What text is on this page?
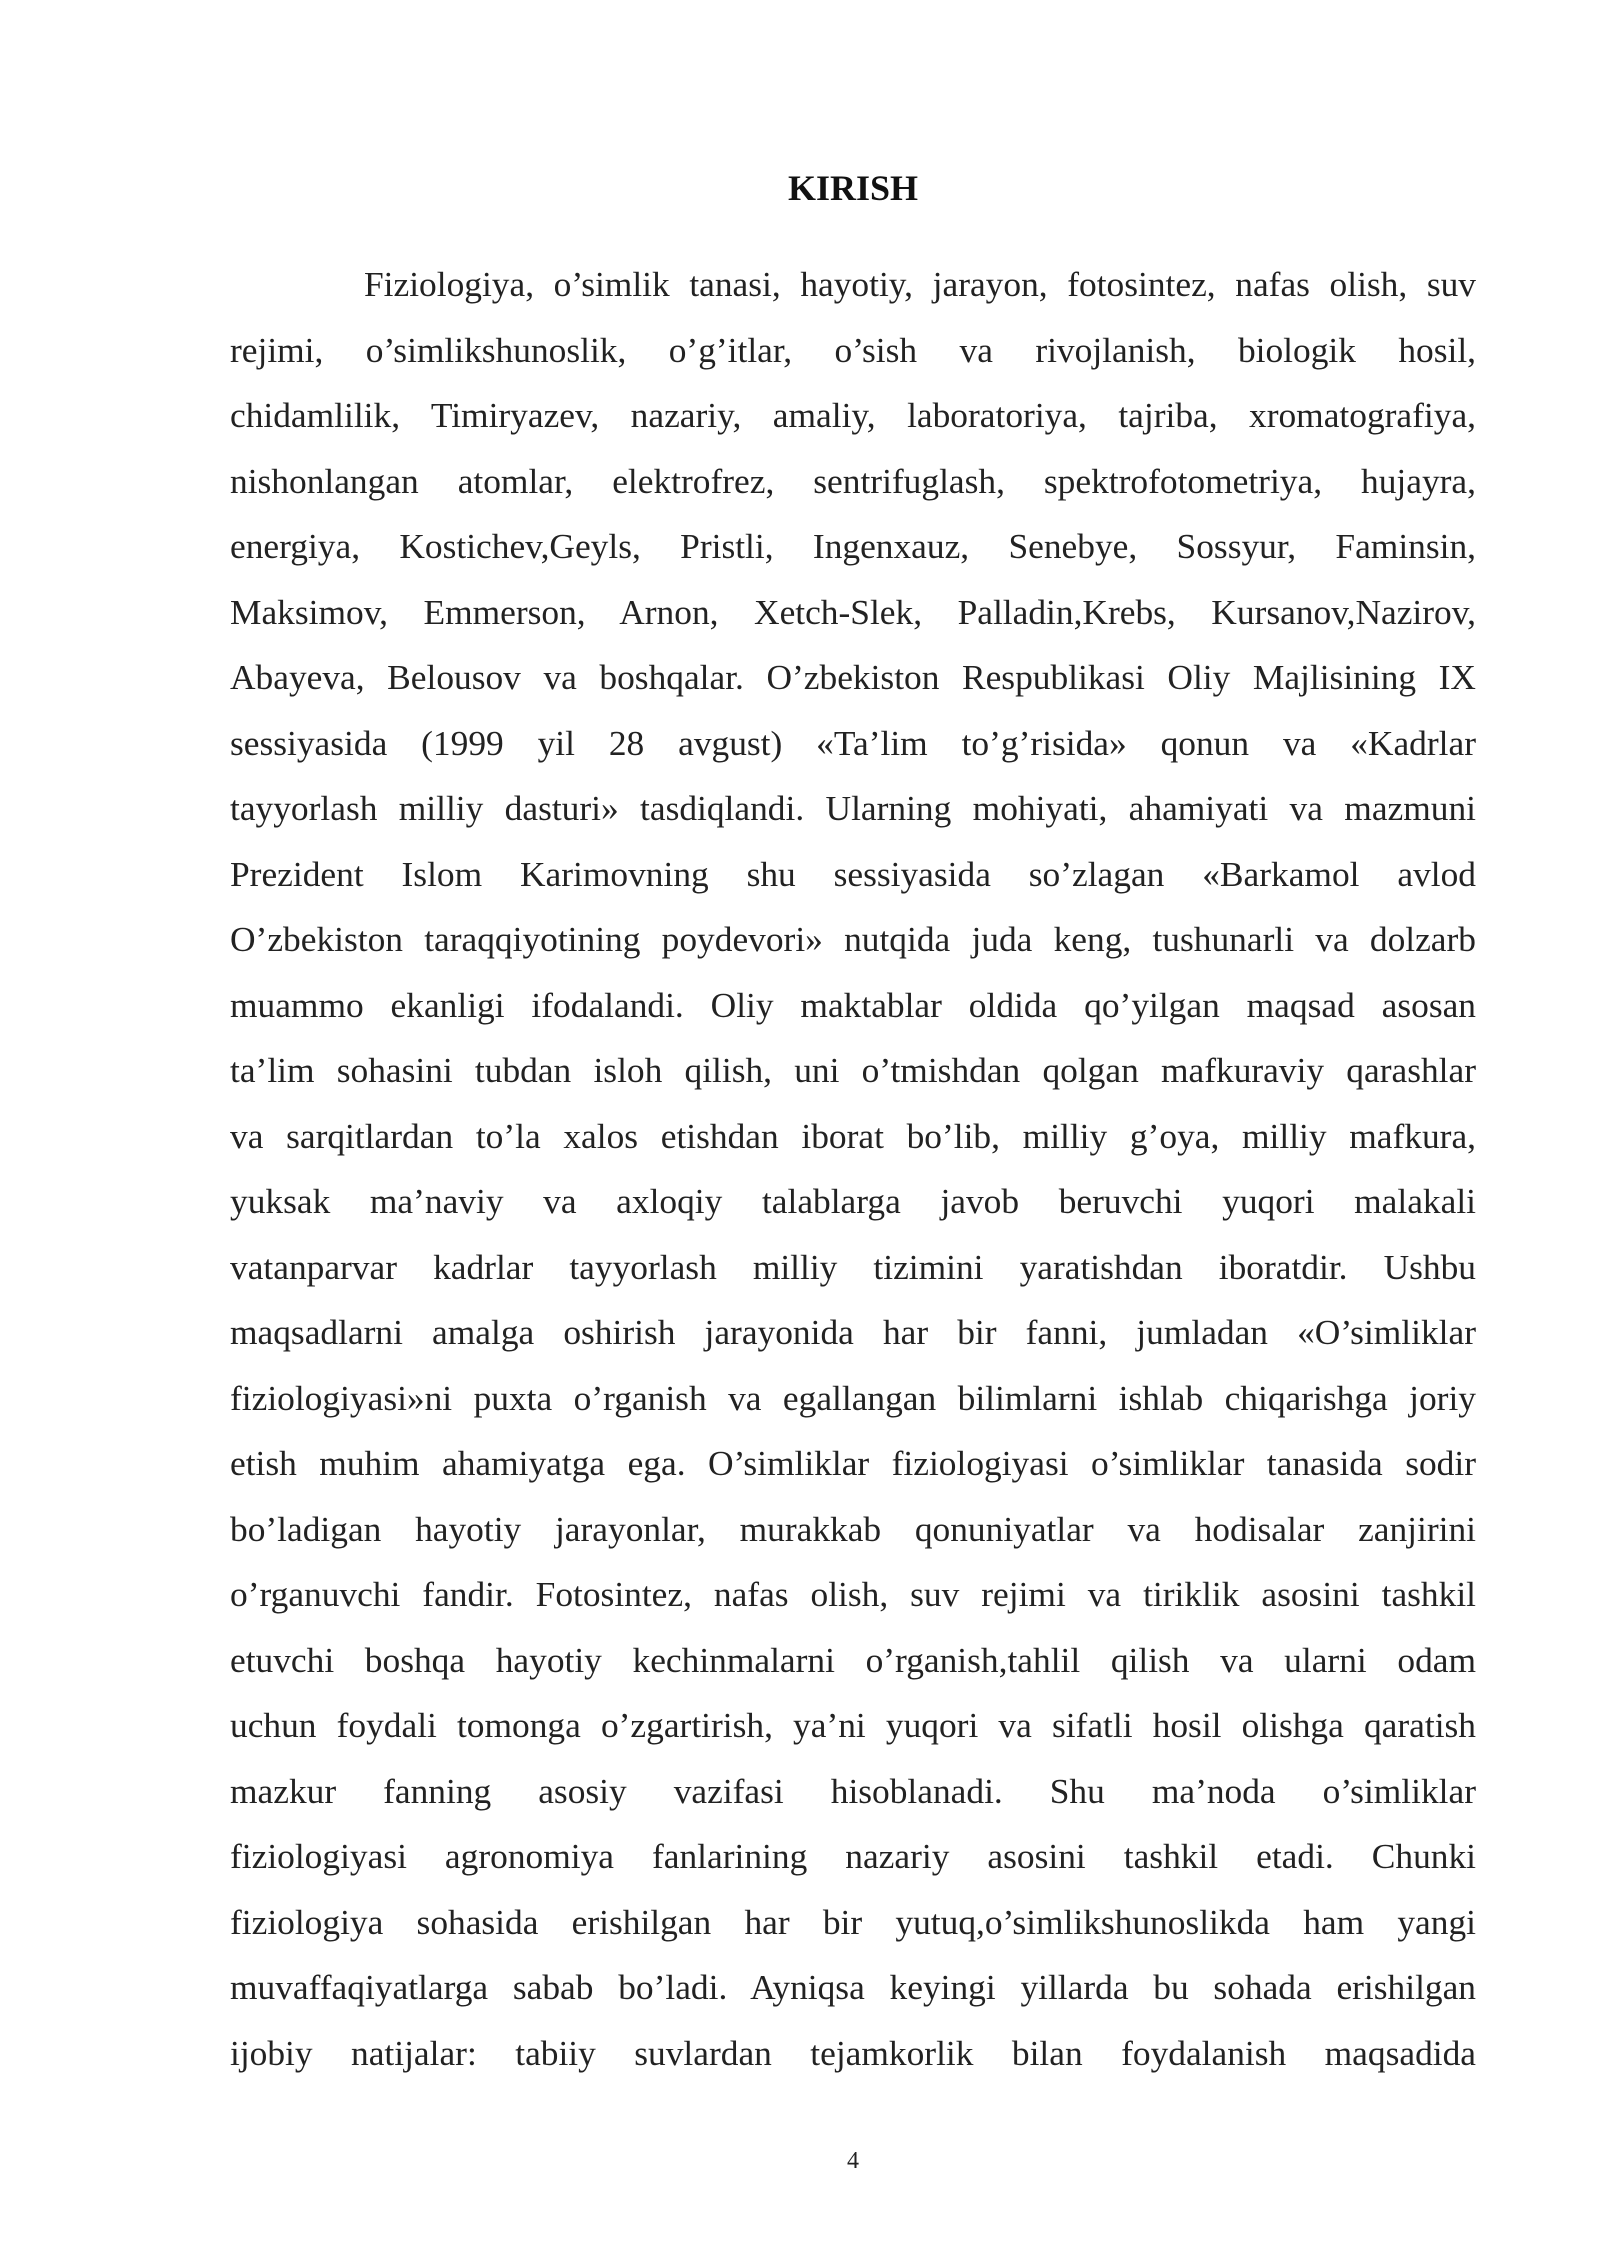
KIRISH
Fiziologiya, o’simlik tanasi, hayotiy, jarayon, fotosintez, nafas olish, suv
rejimi, o’simlikshunoslik, o’g’itlar, o’sish va rivojlanish, biologik hosil,
chidamlilik, Timiryazev, nazariy, amaliy, laboratoriya, tajriba, xromatografiya,
nishonlangan atomlar, elektrofrez, sentrifuglash, spektrofotometriya, hujayra,
energiya, Kostichev,Geyls, Pristli, Ingenxauz, Senebye, Sossyur, Faminsin,
Maksimov, Emmerson, Arnon, Xetch-Slek, Palladin,Krebs, Kursanov,Nazirov,
Abayeva, Belousov va boshqalar. O’zbekiston Respublikasi Oliy Majlisining IX
sessiyasida (1999 yil 28 avgust) «Ta’lim to’g’risida» qonun va «Kadrlar
tayyorlash milliy dasturi» tasdiqlandi. Ularning mohiyati, ahamiyati va mazmuni
Prezident Islom Karimovning shu sessiyasida so’zlagan «Barkamol avlod
O’zbekiston taraqqiyotining poydevori» nutqida juda keng, tushunarli va dolzarb
muammo ekanligi ifodalandi. Oliy maktablar oldida qo’yilgan maqsad asosan
ta’lim sohasini tubdan isloh qilish, uni o’tmishdan qolgan mafkuraviy qarashlar
va sarqitlardan to’la xalos etishdan iborat bo’lib, milliy g’oya, milliy mafkura,
yuksak ma’naviy va axloqiy talablarga javob beruvchi yuqori malakali
vatanparvar kadrlar tayyorlash milliy tizimini yaratishdan iboratdir. Ushbu
maqsadlarni amalga oshirish jarayonida har bir fanni, jumladan «O’simliklar
fiziologiyasi»ni puxta o’rganish va egallangan bilimlarni ishlab chiqarishga joriy
etish muhim ahamiyatga ega. O’simliklar fiziologiyasi o’simliklar tanasida sodir
bo’ladigan hayotiy jarayonlar, murakkab qonuniyatlar va hodisalar zanjirini
o’rganuvchi fandir. Fotosintez, nafas olish, suv rejimi va tiriklik asosini tashkil
etuvchi boshqa hayotiy kechinmalarni o’rganish,tahlil qilish va ularni odam
uchun foydali tomonga o’zgartirish, ya’ni yuqori va sifatli hosil olishga qaratish
mazkur fanning asosiy vazifasi hisoblanadi. Shu ma’noda o’simliklar
fiziologiyasi agronomiya fanlarining nazariy asosini tashkil etadi. Chunki
fiziologiya sohasida erishilgan har bir yutuq,o’simlikshunoslikda ham yangi
muvaffaqiyatlarga sabab bo’ladi. Ayniqsa keyingi yillarda bu sohada erishilgan
ijobiy natijalar: tabiiy suvlardan tejamkorlik bilan foydalanish maqsadida
4
